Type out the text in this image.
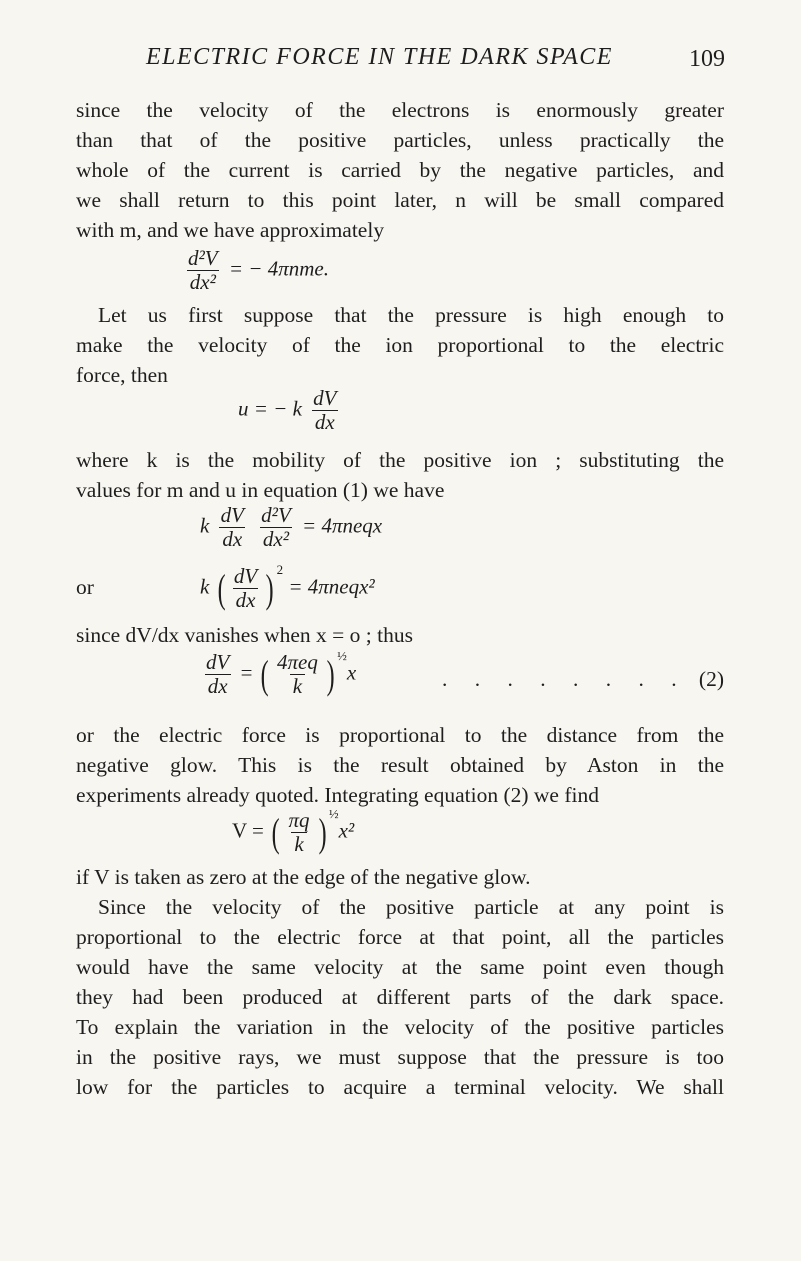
ELECTRIC FORCE IN THE DARK SPACE	109
since the velocity of the electrons is enormously greater
than that of the positive particles, unless practically the
whole of the current is carried by the negative particles, and
we shall return to this point later, n will be small compared
with m, and we have approximately
$\frac{\text{d²V}}{\text{dx²}}$ = − 4πnme.
Let us first suppose that the pressure is high enough to
make the velocity of the ion proportional to the electric
force, then
u = − k $\frac{dV}{dx}$
where k is the mobility of the positive ion ; substituting the
values for m and u in equation (1) we have
k $\frac{dV}{dx}$
$\frac{\text{d²V}}{\text{dx²}}$ = 4πneqx
or	k ( $\frac{dV}{dx}$ ) $^2$ = 4πneqx²
since dV/dx vanishes when x = o ; thus
$\frac{dV}{dx}$ = ( $\frac{\text{4πeq}}{k}$ ) $^{\frac{1}{2}}$x	. . . . . . . . (2)
or the electric force is proportional to the distance from the
negative glow. This is the result obtained by Aston in the
experiments already quoted. Integrating equation (2) we find
V = ( $\frac{\pi q}{k}$ ) $^{\frac{1}{2}}$x²
if V is taken as zero at the edge of the negative glow.
Since the velocity of the positive particle at any point is
proportional to the electric force at that point, all the particles
would have the same velocity at the same point even though
they had been produced at different parts of the dark space.
To explain the variation in the velocity of the positive particles
in the positive rays, we must suppose that the pressure is too
low for the particles to acquire a terminal velocity. We shall
